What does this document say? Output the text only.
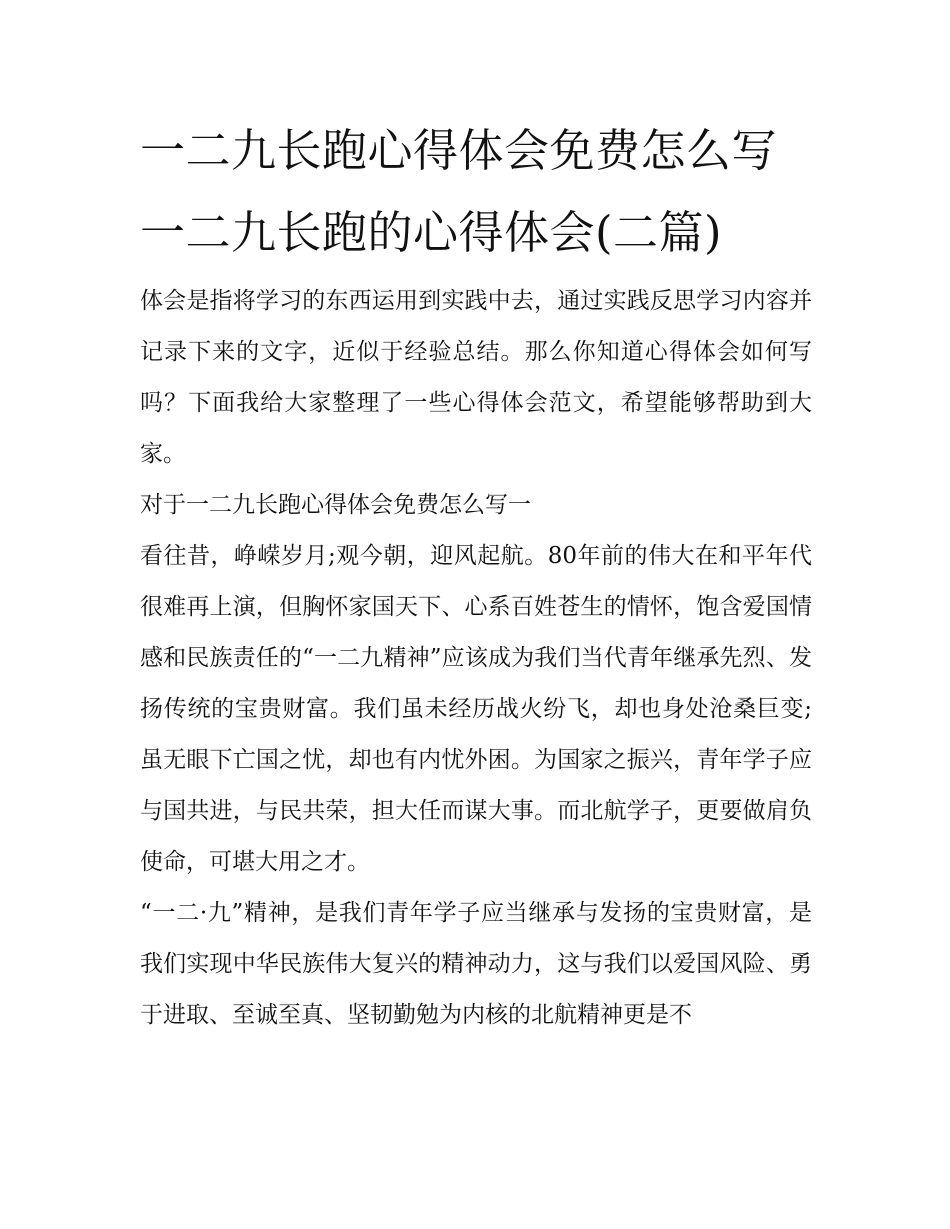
一二九长跑心得体会免费怎么写 一二九长跑的心得体会(二篇)

体会是指将学习的东西运用到实践中去，通过实践反思学习内容并记录下来的文字，近似于经验总结。那么你知道心得体会如何写吗？下面我给大家整理了一些心得体会范文，希望能够帮助到大家。

对于一二九长跑心得体会免费怎么写一

看往昔，峥嵘岁月;观今朝，迎风起航。80年前的伟大在和平年代很难再上演，但胸怀家国天下、心系百姓苍生的情怀，饱含爱国情感和民族责任的“一二九精神”应该成为我们当代青年继承先烈、发扬传统的宝贵财富。我们虽未经历战火纷飞，却也身处沧桑巨变;虽无眼下亡国之忧，却也有内忧外困。为国家之振兴，青年学子应与国共进，与民共荣，担大任而谋大事。而北航学子，更要做肩负使命，可堪大用之才。

“一二·九”精神，是我们青年学子应当继承与发扬的宝贵财富，是我们实现中华民族伟大复兴的精神动力，这与我们以爱国风险、勇于进取、至诚至真、坚韧勤勉为内核的北航精神更是不
